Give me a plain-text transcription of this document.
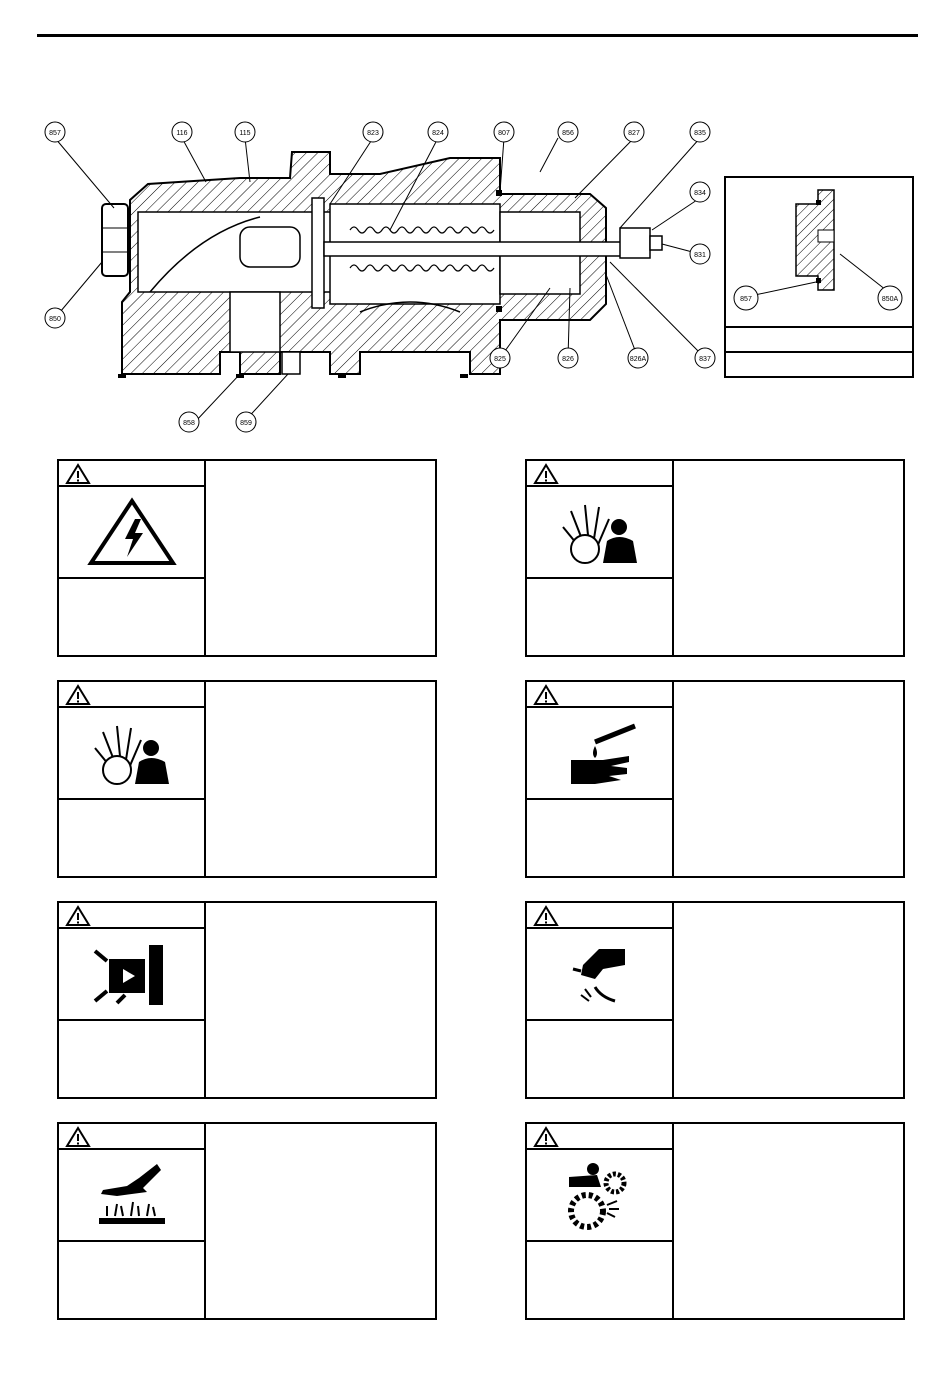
857	116	115	823	824	807	856	827	835
834
831
850
858	859
825	826	826A	837
857	850A
